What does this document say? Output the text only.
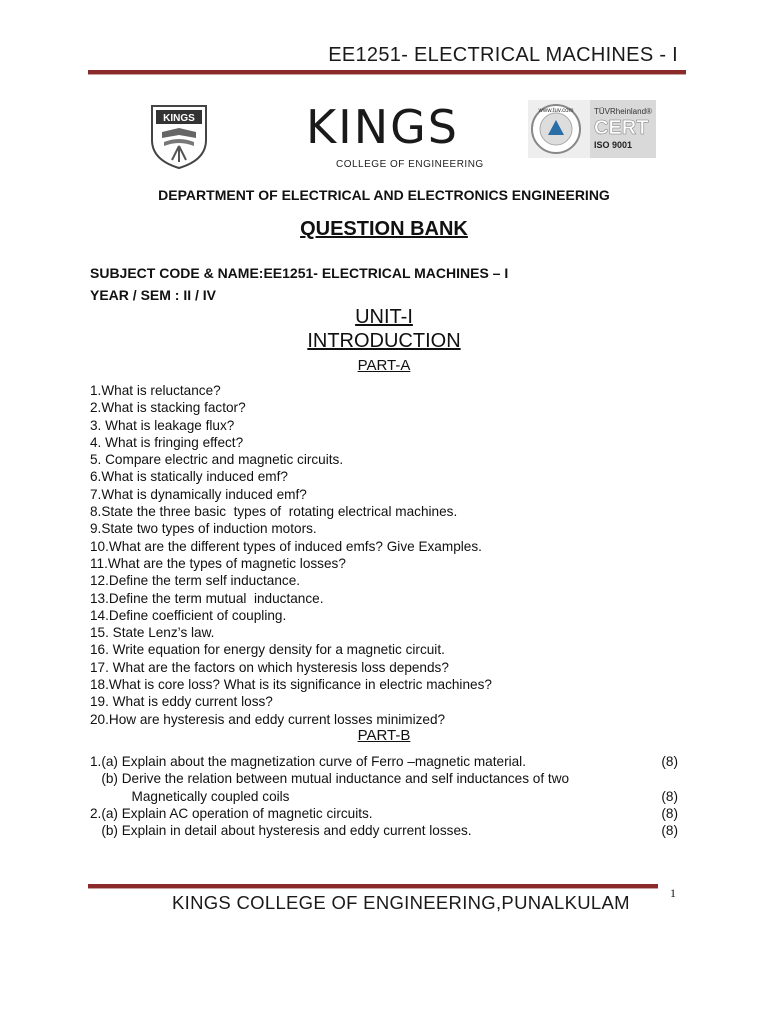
EE1251- ELECTRICAL MACHINES - I
KINGS KINGS
COLLEGE OF ENGINEERING
www.tuv.com	TÜVRheinland®
CERT
ISO 9001
DEPARTMENT OF ELECTRICAL AND ELECTRONICS ENGINEERING
QUESTION BANK
SUBJECT CODE & NAME:EE1251- ELECTRICAL MACHINES – I
YEAR / SEM : II / IV
UNIT-I
INTRODUCTION
PART-A
1.What is reluctance?
2.What is stacking factor?
3. What is leakage flux?
4. What is fringing effect?
5. Compare electric and magnetic circuits.
6.What is statically induced emf?
7.What is dynamically induced emf?
8.State the three basic  types of  rotating electrical machines.
9.State two types of induction motors.
10.What are the different types of induced emfs? Give Examples.
11.What are the types of magnetic losses?
12.Define the term self inductance.
13.Define the term mutual  inductance.
14.Define coefficient of coupling.
15. State Lenz’s law.
16. Write equation for energy density for a magnetic circuit.
17. What are the factors on which hysteresis loss depends?
18.What is core loss? What is its significance in electric machines?
19. What is eddy current loss?
20.How are hysteresis and eddy current losses minimized?
PART-B
1.(a) Explain about the magnetization curve of Ferro –magnetic material.	(8)
(b) Derive the relation between mutual inductance and self inductances of two
Magnetically coupled coils	(8)
2.(a) Explain AC operation of magnetic circuits.	(8)
(b) Explain in detail about hysteresis and eddy current losses.	(8)
1
KINGS COLLEGE OF ENGINEERING,PUNALKULAM
